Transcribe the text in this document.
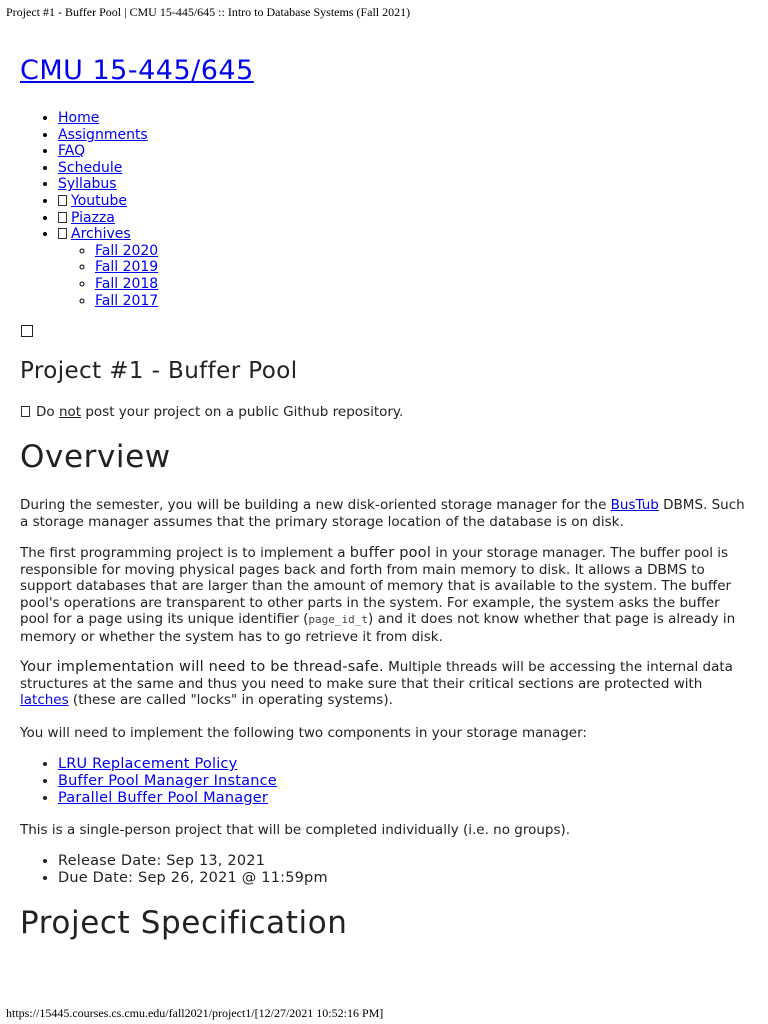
Project #1 - Buffer Pool | CMU 15-445/645 :: Intro to Database Systems (Fall 2021)
CMU 15-445/645
• Home
• Assignments
• FAQ
• Schedule
• Syllabus
• Youtube
• Piazza
• Archives
◦ Fall 2020
◦ Fall 2019
◦ Fall 2018
◦ Fall 2017
Project #1 - Buffer Pool
Do not post your project on a public Github repository.
Overview

During the semester, you will be building a new disk-oriented storage manager for the BusTub DBMS. Such a storage manager assumes that the primary storage location of the database is on disk.

The first programming project is to implement a buffer pool in your storage manager. The buffer pool is responsible for moving physical pages back and forth from main memory to disk. It allows a DBMS to support databases that are larger than the amount of memory that is available to the system. The buffer pool's operations are transparent to other parts in the system. For example, the system asks the buffer pool for a page using its unique identifier (page_id_t) and it does not know whether that page is already in memory or whether the system has to go retrieve it from disk.

Your implementation will need to be thread-safe. Multiple threads will be accessing the internal data structures at the same and thus you need to make sure that their critical sections are protected with latches (these are called "locks" in operating systems).

You will need to implement the following two components in your storage manager:

• LRU Replacement Policy
• Buffer Pool Manager Instance
• Parallel Buffer Pool Manager

This is a single-person project that will be completed individually (i.e. no groups).

• Release Date: Sep 13, 2021
• Due Date: Sep 26, 2021 @ 11:59pm
Project Specification
https://15445.courses.cs.cmu.edu/fall2021/project1/[12/27/2021 10:52:16 PM]
